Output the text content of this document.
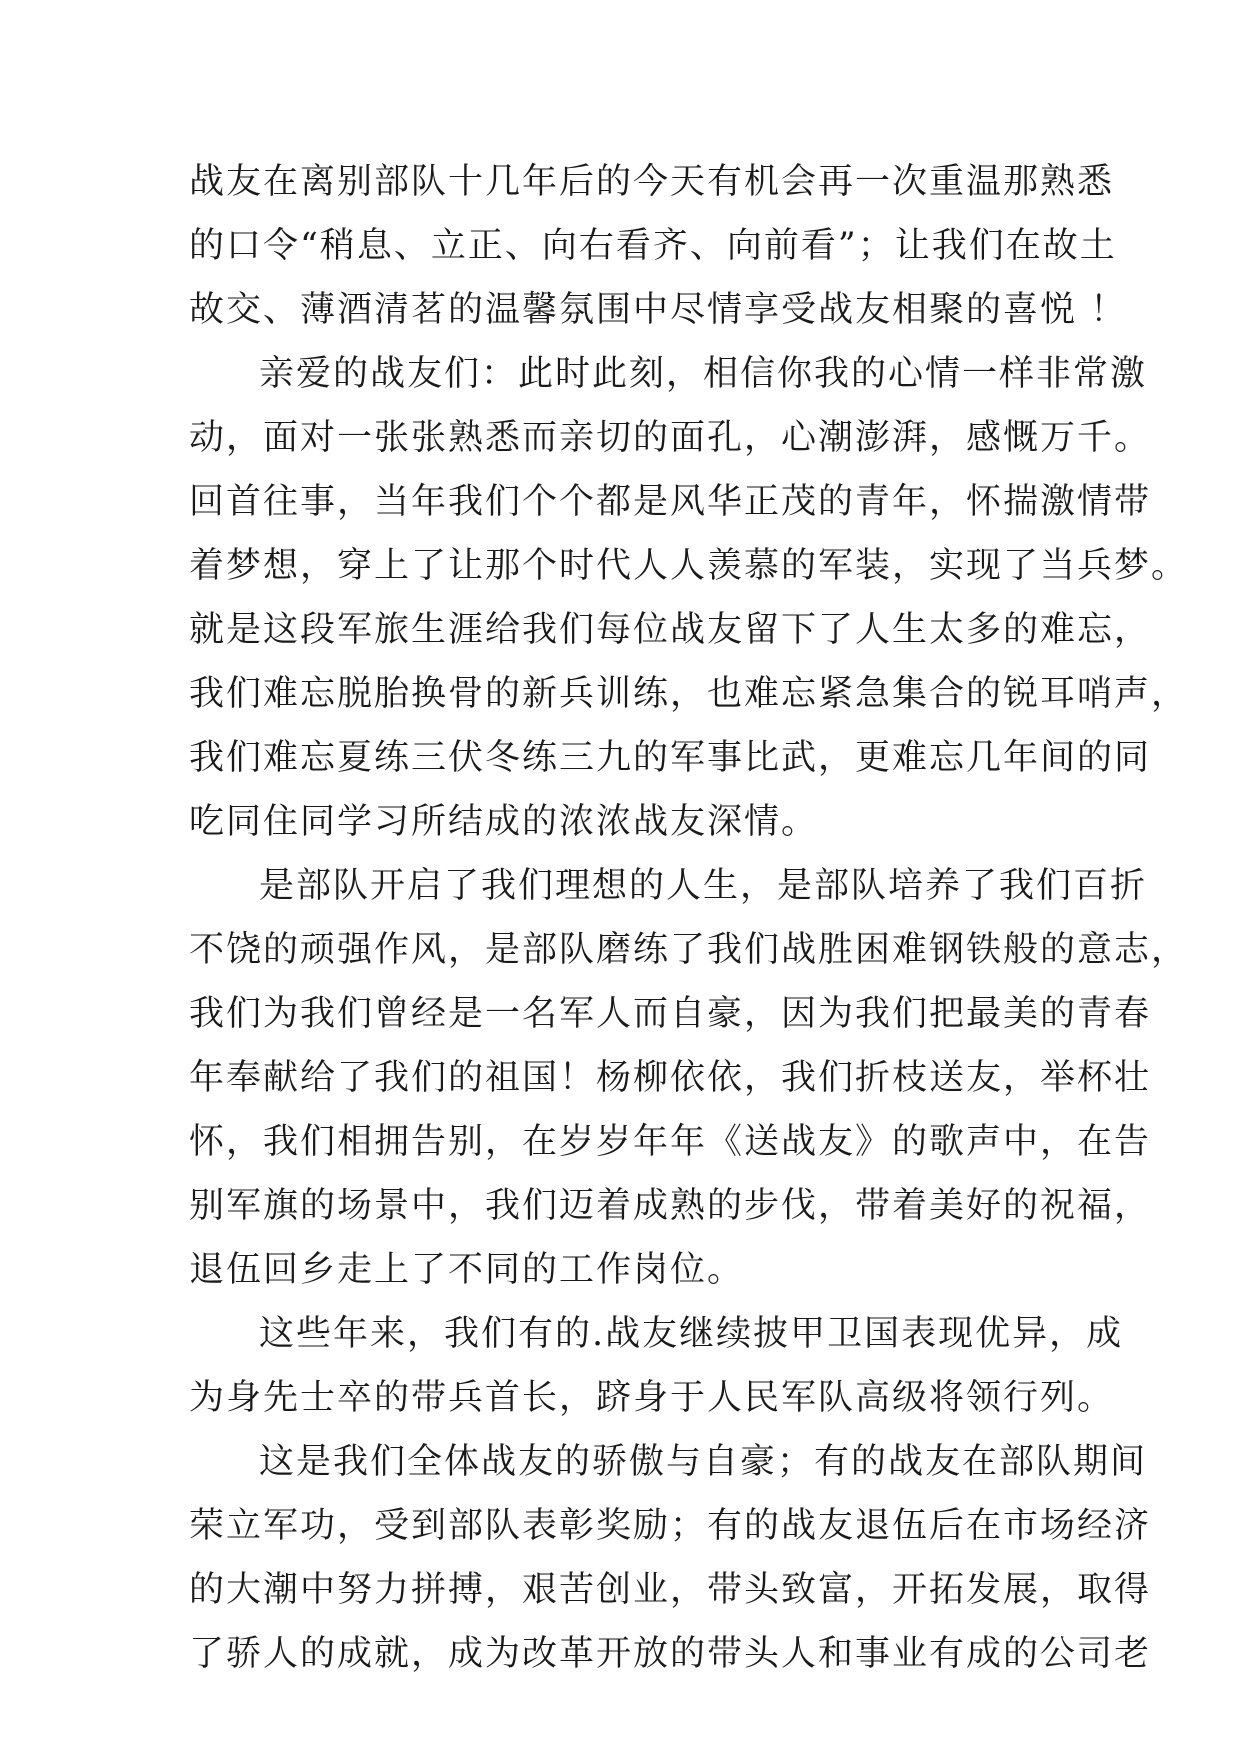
战友在离别部队十几年后的今天有机会再一次重温那熟悉
的口令“稍息、立正、向右看齐、向前看”；让我们在故土
故交、薄酒清茗的温馨氛围中尽情享受战友相聚的喜悦 ！
亲爱的战友们：此时此刻，相信你我的心情一样非常激
动，面对一张张熟悉而亲切的面孔，心潮澎湃，感慨万千。
回首往事，当年我们个个都是风华正茂的青年，怀揣激情带
着梦想，穿上了让那个时代人人羡慕的军装，实现了当兵梦。
就是这段军旅生涯给我们每位战友留下了人生太多的难忘，
我们难忘脱胎换骨的新兵训练，也难忘紧急集合的锐耳哨声，
我们难忘夏练三伏冬练三九的军事比武，更难忘几年间的同
吃同住同学习所结成的浓浓战友深情。
是部队开启了我们理想的人生，是部队培养了我们百折
不饶的顽强作风，是部队磨练了我们战胜困难钢铁般的意志，
我们为我们曾经是一名军人而自豪，因为我们把最美的青春
年奉献给了我们的祖国！杨柳依依，我们折枝送友，举杯壮
怀，我们相拥告别，在岁岁年年《送战友》的歌声中，在告
别军旗的场景中，我们迈着成熟的步伐，带着美好的祝福，
退伍回乡走上了不同的工作岗位。
这些年来，我们有的.战友继续披甲卫国表现优异，成
为身先士卒的带兵首长，跻身于人民军队高级将领行列。
这是我们全体战友的骄傲与自豪；有的战友在部队期间
荣立军功，受到部队表彰奖励；有的战友退伍后在市场经济
的大潮中努力拼搏，艰苦创业，带头致富，开拓发展，取得
了骄人的成就，成为改革开放的带头人和事业有成的公司老
